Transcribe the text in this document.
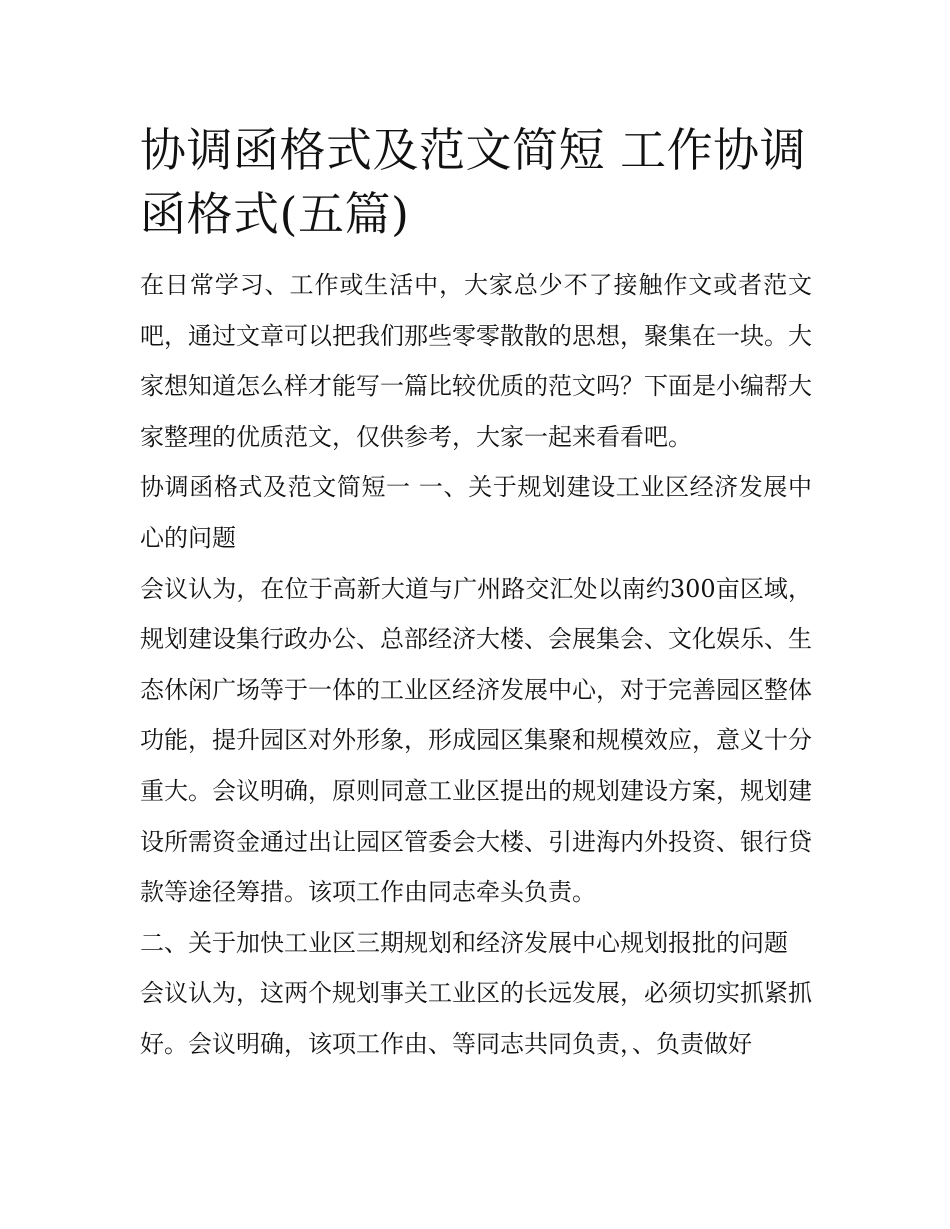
协调函格式及范文简短 工作协调函格式(五篇)

在日常学习、工作或生活中，大家总少不了接触作文或者范文吧，通过文章可以把我们那些零零散散的思想，聚集在一块。大家想知道怎么样才能写一篇比较优质的范文吗？下面是小编帮大家整理的优质范文，仅供参考，大家一起来看看吧。

协调函格式及范文简短一 一、关于规划建设工业区经济发展中心的问题

会议认为，在位于高新大道与广州路交汇处以南约300亩区域，规划建设集行政办公、总部经济大楼、会展集会、文化娱乐、生态休闲广场等于一体的工业区经济发展中心，对于完善园区整体功能，提升园区对外形象，形成园区集聚和规模效应，意义十分重大。会议明确，原则同意工业区提出的规划建设方案，规划建设所需资金通过出让园区管委会大楼、引进海内外投资、银行贷款等途径筹措。该项工作由同志牵头负责。

二、关于加快工业区三期规划和经济发展中心规划报批的问题

会议认为，这两个规划事关工业区的长远发展，必须切实抓紧抓好。会议明确，该项工作由、等同志共同负责，、负责做好
